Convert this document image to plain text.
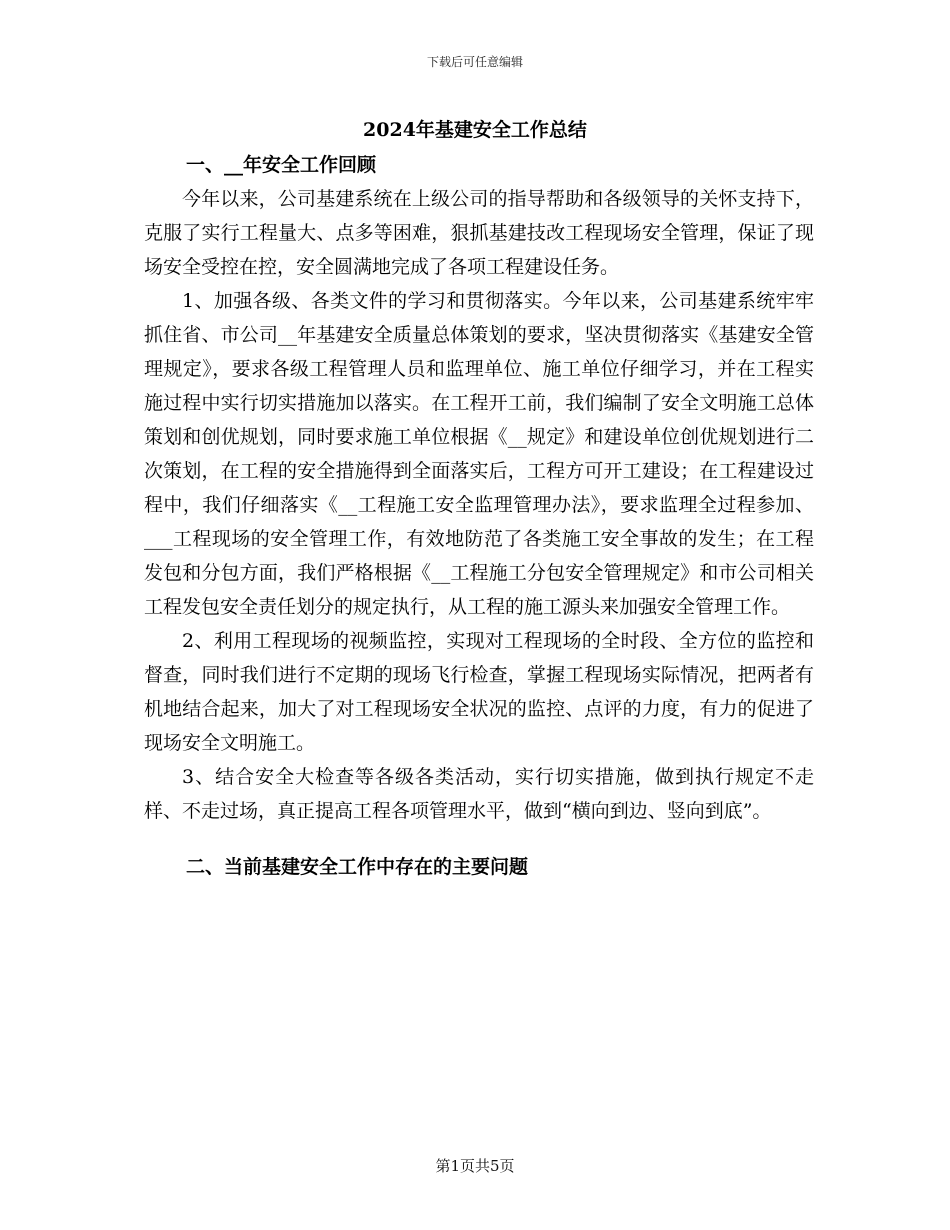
下载后可任意编辑
2024年基建安全工作总结

一、__年安全工作回顾

今年以来，公司基建系统在上级公司的指导帮助和各级领导的关怀支持下，克服了实行工程量大、点多等困难，狠抓基建技改工程现场安全管理，保证了现场安全受控在控，安全圆满地完成了各项工程建设任务。

1、加强各级、各类文件的学习和贯彻落实。今年以来，公司基建系统牢牢抓住省、市公司__年基建安全质量总体策划的要求，坚决贯彻落实《基建安全管理规定》，要求各级工程管理人员和监理单位、施工单位仔细学习，并在工程实施过程中实行切实措施加以落实。在工程开工前，我们编制了安全文明施工总体策划和创优规划，同时要求施工单位根据《__规定》和建设单位创优规划进行二次策划，在工程的安全措施得到全面落实后，工程方可开工建设；在工程建设过程中，我们仔细落实《__工程施工安全监理管理办法》，要求监理全过程参加、___工程现场的安全管理工作，有效地防范了各类施工安全事故的发生；在工程发包和分包方面，我们严格根据《__工程施工分包安全管理规定》和市公司相关工程发包安全责任划分的规定执行，从工程的施工源头来加强安全管理工作。

2、利用工程现场的视频监控，实现对工程现场的全时段、全方位的监控和督查，同时我们进行不定期的现场飞行检查，掌握工程现场实际情况，把两者有机地结合起来，加大了对工程现场安全状况的监控、点评的力度，有力的促进了现场安全文明施工。

3、结合安全大检查等各级各类活动，实行切实措施，做到执行规定不走样、不走过场，真正提高工程各项管理水平，做到“横向到边、竖向到底”。

二、当前基建安全工作中存在的主要问题

第1页共5页
